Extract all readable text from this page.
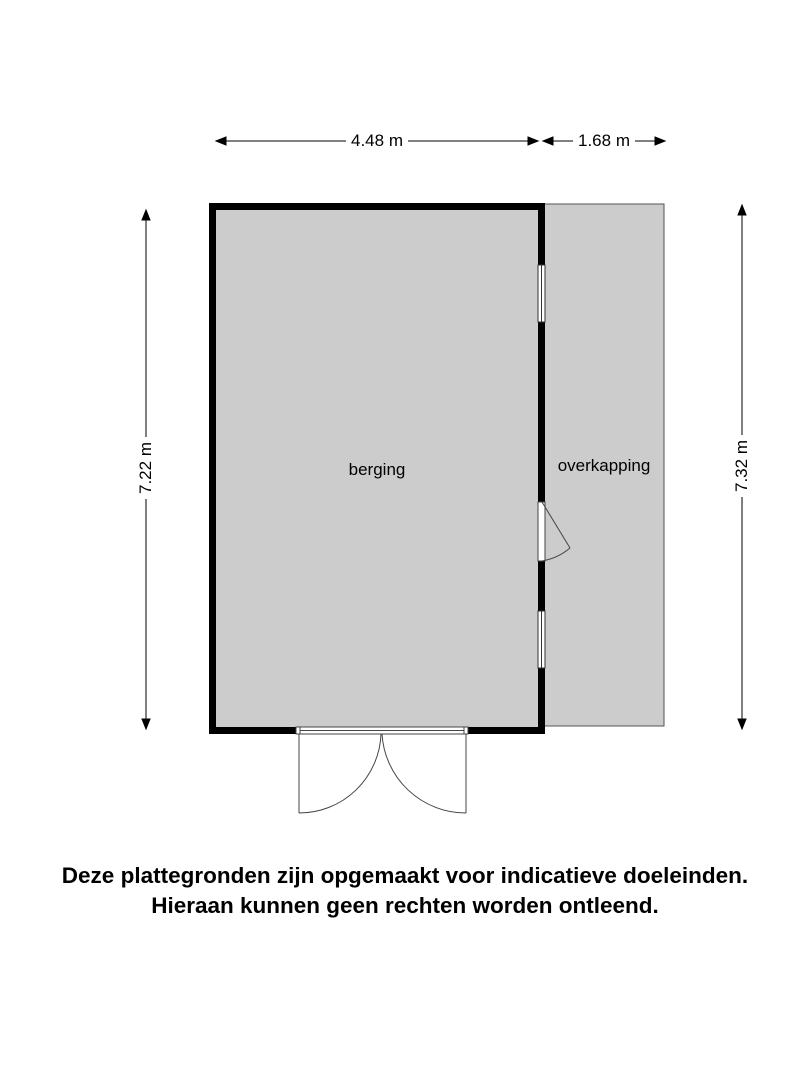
4.48 m	1.68 m
7.22 m	7.32 m
berging	overkapping
Deze plattegronden zijn opgemaakt voor indicatieve doeleinden.
Hieraan kunnen geen rechten worden ontleend.
